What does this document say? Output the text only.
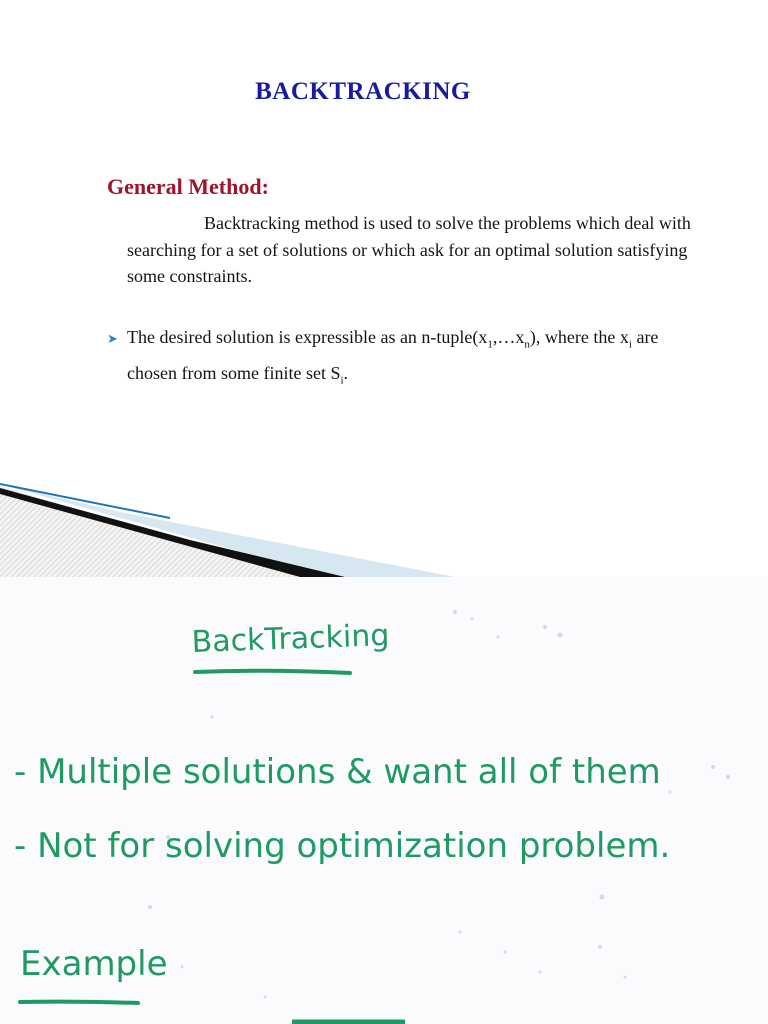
BACKTRACKING
General Method:
Backtracking method is used to solve the problems which deal with searching for a set of solutions or which ask for an optimal solution satisfying some constraints.
➤ The desired solution is expressible as an $n-tuple(x_1,\dots x_n)$, where the $x_i$ are chosen from some finite set $S_i$.
BackTracking
- Multiple solutions & want all of them
- Not for solving optimization problem.
Example
